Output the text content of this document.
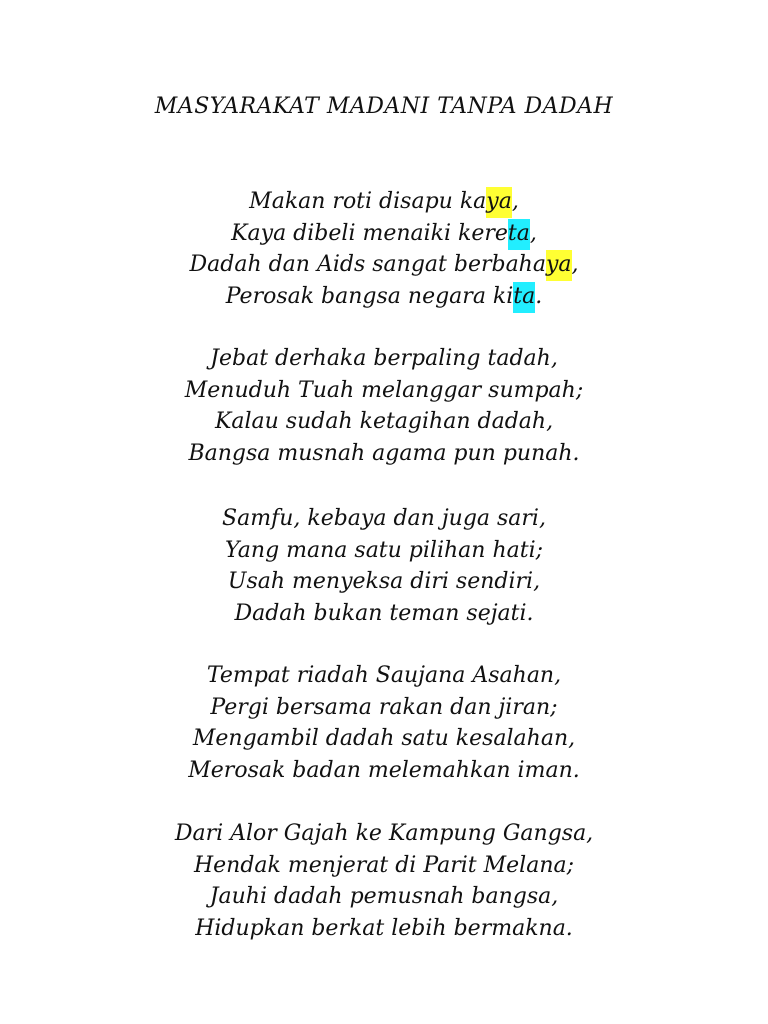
MASYARAKAT MADANI TANPA DADAH
Makan roti disapu kaya,
Kaya dibeli menaiki kereta,
Dadah dan Aids sangat berbahaya,
Perosak bangsa negara kita.
Jebat derhaka berpaling tadah,
Menuduh Tuah melanggar sumpah;
Kalau sudah ketagihan dadah,
Bangsa musnah agama pun punah.
Samfu, kebaya dan juga sari,
Yang mana satu pilihan hati;
Usah menyeksa diri sendiri,
Dadah bukan teman sejati.
Tempat riadah Saujana Asahan,
Pergi bersama rakan dan jiran;
Mengambil dadah satu kesalahan,
Merosak badan melemahkan iman.
Dari Alor Gajah ke Kampung Gangsa,
Hendak menjerat di Parit Melana;
Jauhi dadah pemusnah bangsa,
Hidupkan berkat lebih bermakna.
